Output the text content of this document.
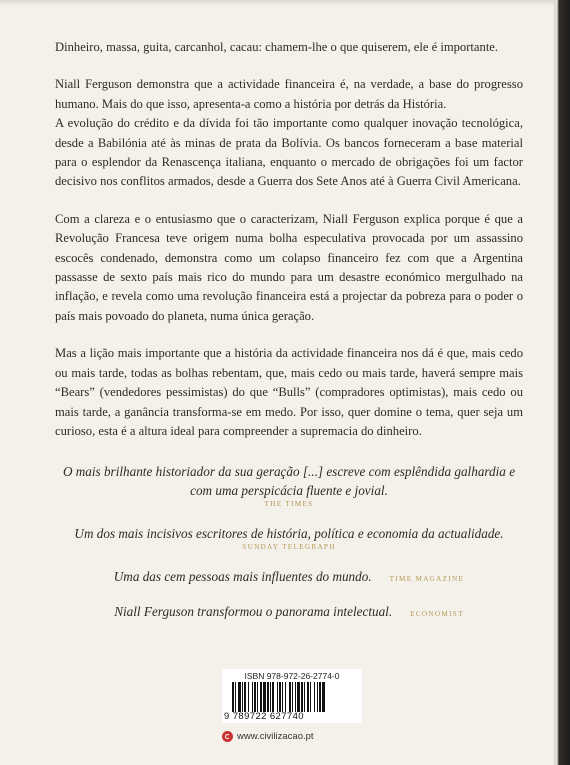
Dinheiro, massa, guita, carcanhol, cacau: chamem-lhe o que quiserem, ele é importante.

Niall Ferguson demonstra que a actividade financeira é, na verdade, a base do progresso humano. Mais do que isso, apresenta-a como a história por detrás da História.

A evolução do crédito e da dívida foi tão importante como qualquer inovação tecnológica, desde a Babilónia até às minas de prata da Bolívia. Os bancos forneceram a base material para o esplendor da Renascença italiana, enquanto o mercado de obrigações foi um factor decisivo nos conflitos armados, desde a Guerra dos Sete Anos até à Guerra Civil Americana.

Com a clareza e o entusiasmo que o caracterizam, Niall Ferguson explica porque é que a Revolução Francesa teve origem numa bolha especulativa provocada por um assassino escocês condenado, demonstra como um colapso financeiro fez com que a Argentina passasse de sexto país mais rico do mundo para um desastre económico mergulhado na inflação, e revela como uma revolução financeira está a projectar da pobreza para o poder o país mais povoado do planeta, numa única geração.

Mas a lição mais importante que a história da actividade financeira nos dá é que, mais cedo ou mais tarde, todas as bolhas rebentam, que, mais cedo ou mais tarde, haverá sempre mais “Bears” (vendedores pessimistas) do que “Bulls” (compradores optimistas), mais cedo ou mais tarde, a ganância transforma-se em medo. Por isso, quer domine o tema, quer seja um curioso, esta é a altura ideal para compreender a supremacia do dinheiro.

O mais brilhante historiador da sua geração [...] escreve com esplêndida galhardia e com uma perspicácia fluente e jovial.

THE TIMES

Um dos mais incisivos escritores de história, política e economia da actualidade.

SUNDAY TELEGRAPH
Uma das cem pessoas mais influentes do mundo.	TIME MAGAZINE
Niall Ferguson transformou o panorama intelectual.	ECONOMIST
ISBN 978-972-26-2774-0
9 789722 627740
www.civilizacao.pt
